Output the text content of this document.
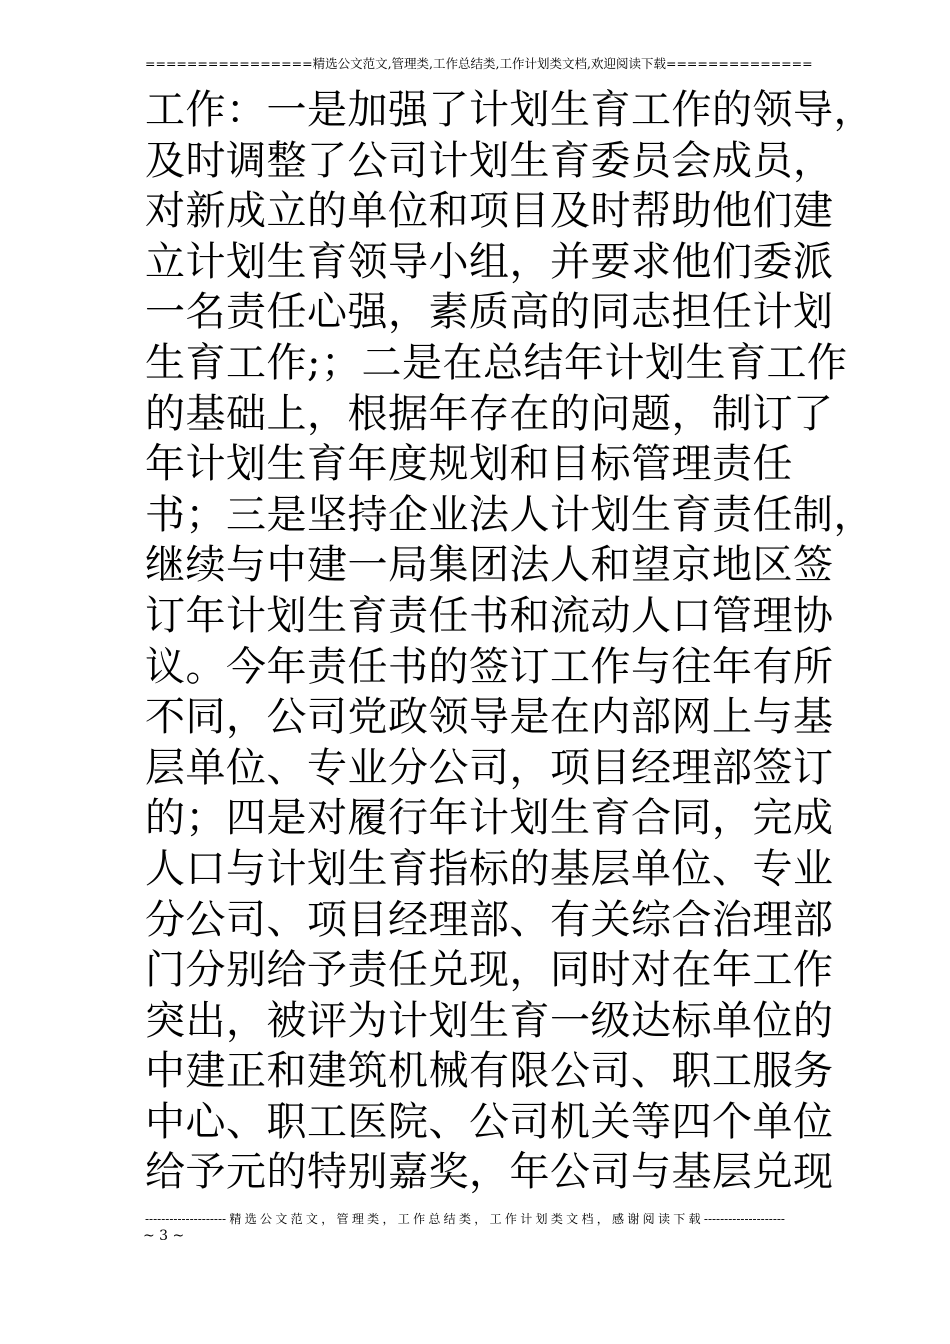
================精选公文范文,管理类,工作总结类,工作计划类文档,欢迎阅读下载==============
工作：一是加强了计划生育工作的领导，
及时调整了公司计划生育委员会成员，
对新成立的单位和项目及时帮助他们建
立计划生育领导小组，并要求他们委派
一名责任心强，素质高的同志担任计划
生育工作;；二是在总结年计划生育工作
的基础上，根据年存在的问题，制订了
年计划生育年度规划和目标管理责任
书；三是坚持企业法人计划生育责任制，
继续与中建一局集团法人和望京地区签
订年计划生育责任书和流动人口管理协
议。今年责任书的签订工作与往年有所
不同，公司党政领导是在内部网上与基
层单位、专业分公司，项目经理部签订
的；四是对履行年计划生育合同，完成
人口与计划生育指标的基层单位、专业
分公司、项目经理部、有关综合治理部
门分别给予责任兑现，同时对在年工作
突出，被评为计划生育一级达标单位的
中建正和建筑机械有限公司、职工服务
中心、职工医院、公司机关等四个单位
给予元的特别嘉奖，年公司与基层兑现
--------------------精选公文范文，管理类，工作总结类，工作计划类文档，感谢阅读下载--------------------
~ 3 ~
